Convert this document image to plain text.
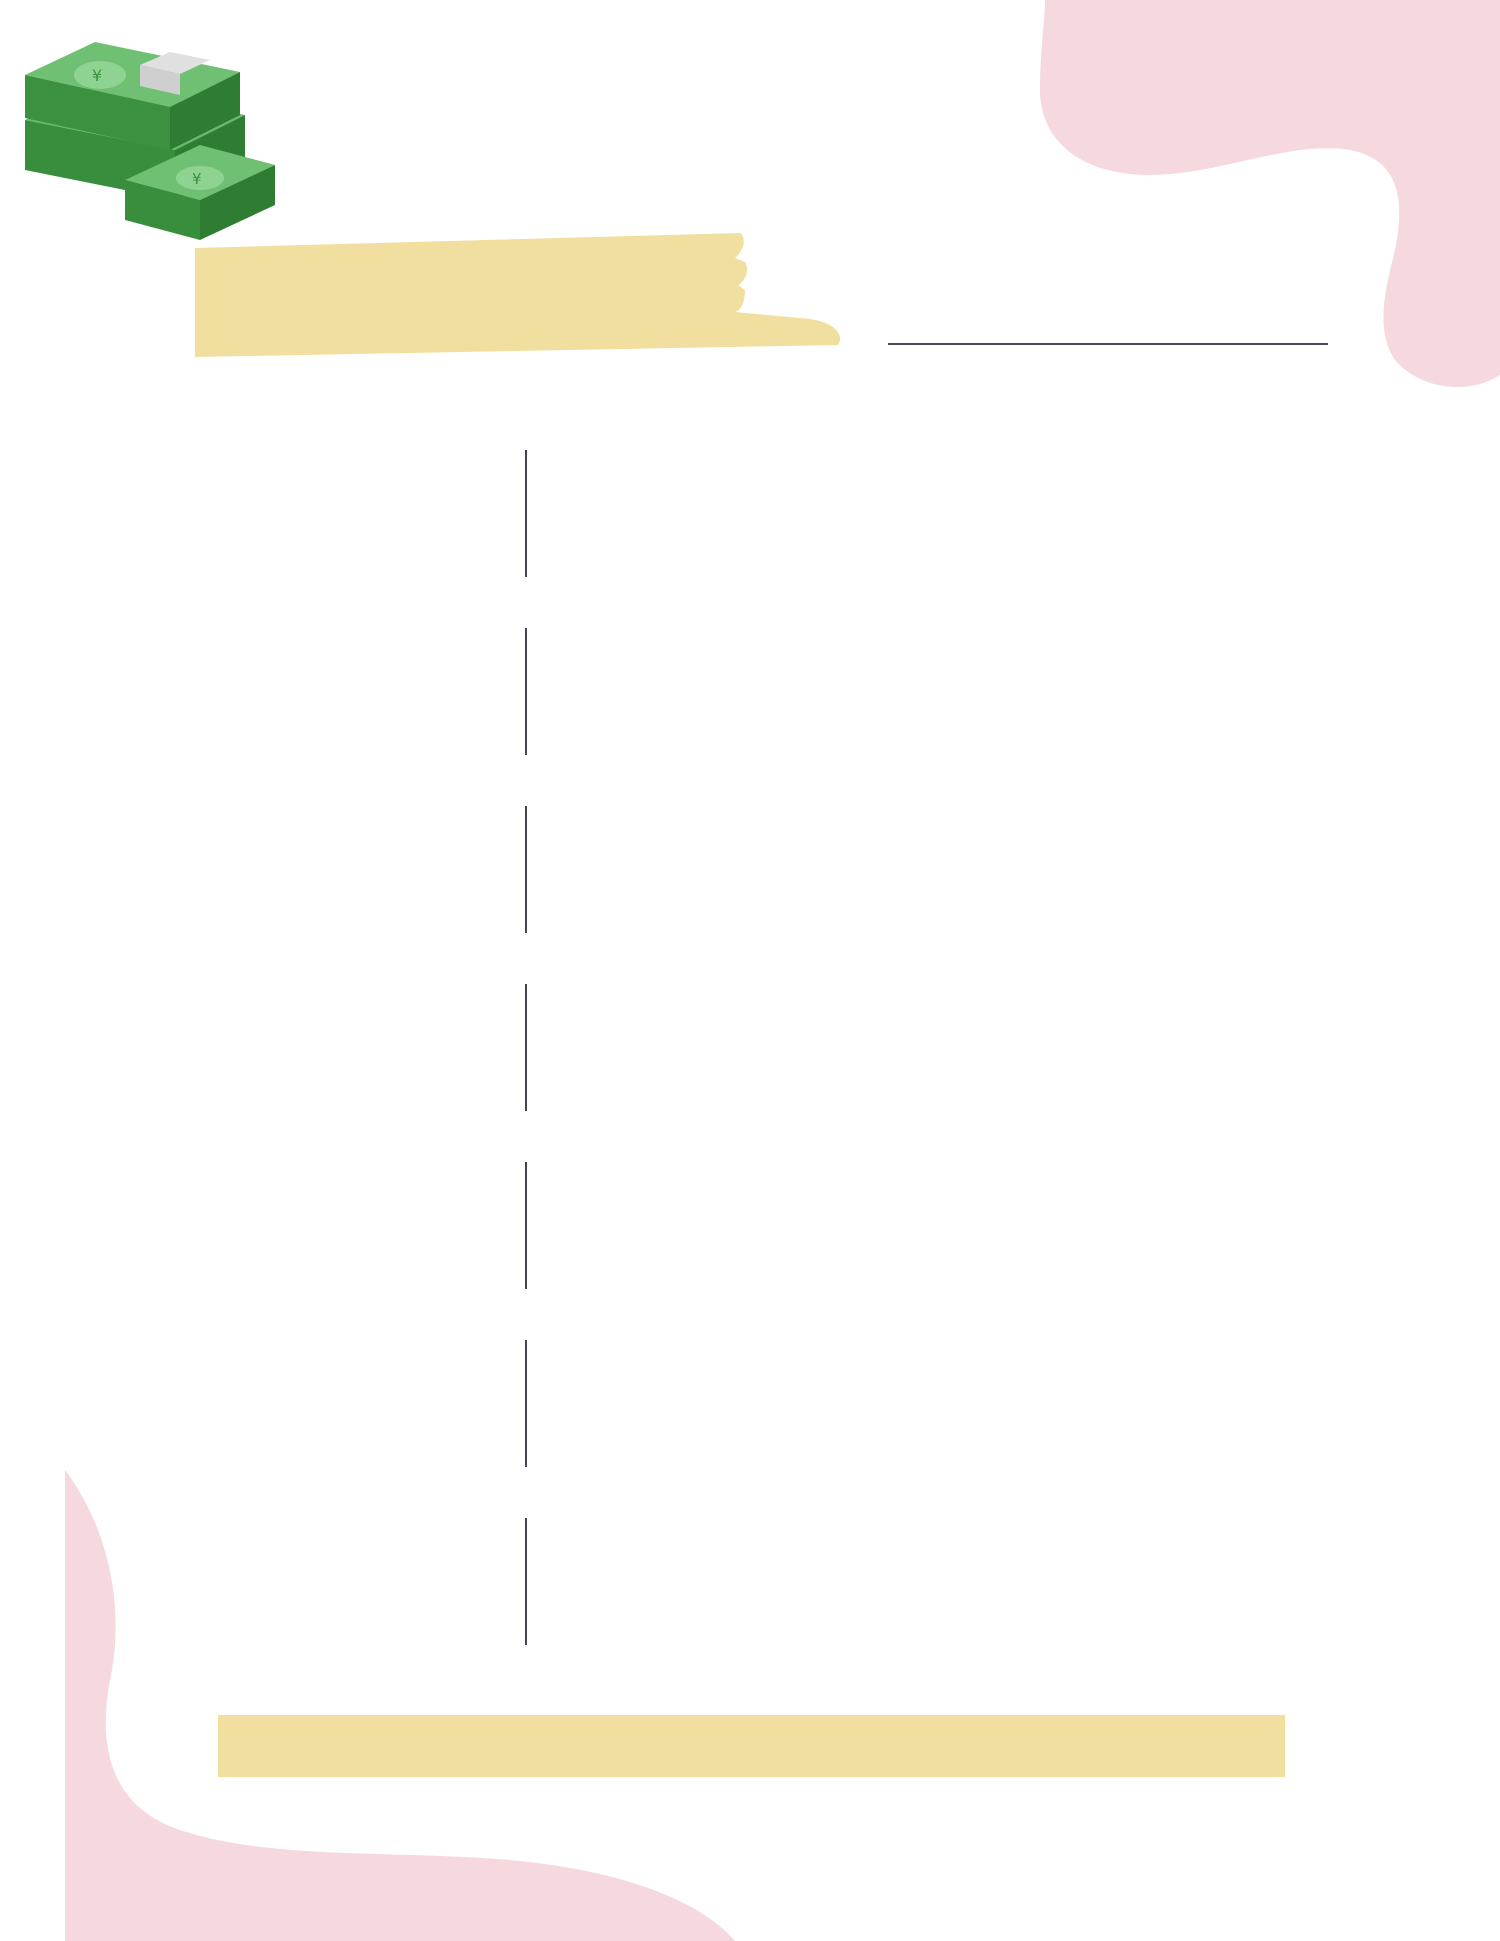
¥
¥
